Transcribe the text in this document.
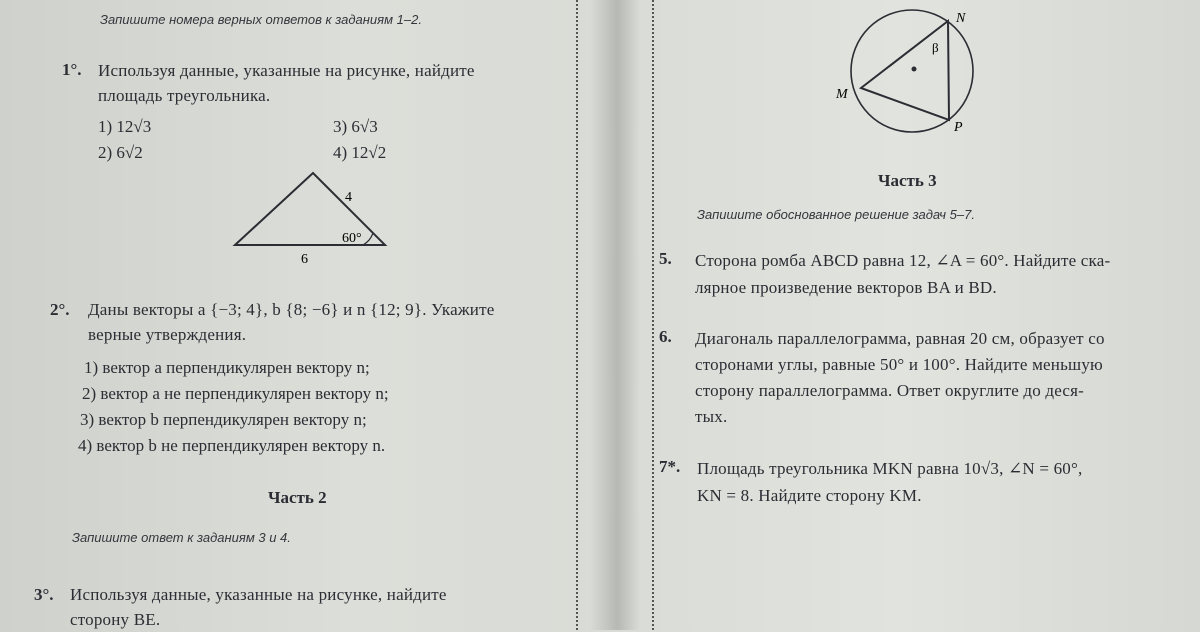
Запишите номера верных ответов к заданиям 1–2.
1°. Используя данные, указанные на рисунке, найдите
площадь треугольника.
1) 12√3	3) 6√3
2) 6√2	4) 12√2
4
6
60°
2°. Даны векторы a {−3; 4}, b {8; −6} и n {12; 9}. Укажите
верные утверждения.
1) вектор a перпендикулярен вектору n;
2) вектор a не перпендикулярен вектору n;
3) вектор b перпендикулярен вектору n;
4) вектор b не перпендикулярен вектору n.
Часть 2
Запишите ответ к заданиям 3 и 4.
3°. Используя данные, указанные на рисунке, найдите
сторону BE.
N
M
P
β
Часть 3
Запишите обоснованное решение задач 5–7.
5. Сторона ромба ABCD равна 12, ∠A = 60°. Найдите ска-
лярное произведение векторов BA и BD.
6. Диагональ параллелограмма, равная 20 см, образует со
сторонами углы, равные 50° и 100°. Найдите меньшую
сторону параллелограмма. Ответ округлите до деся-
тых.
7*. Площадь треугольника MKN равна 10√3, ∠N = 60°,
KN = 8. Найдите сторону KM.
